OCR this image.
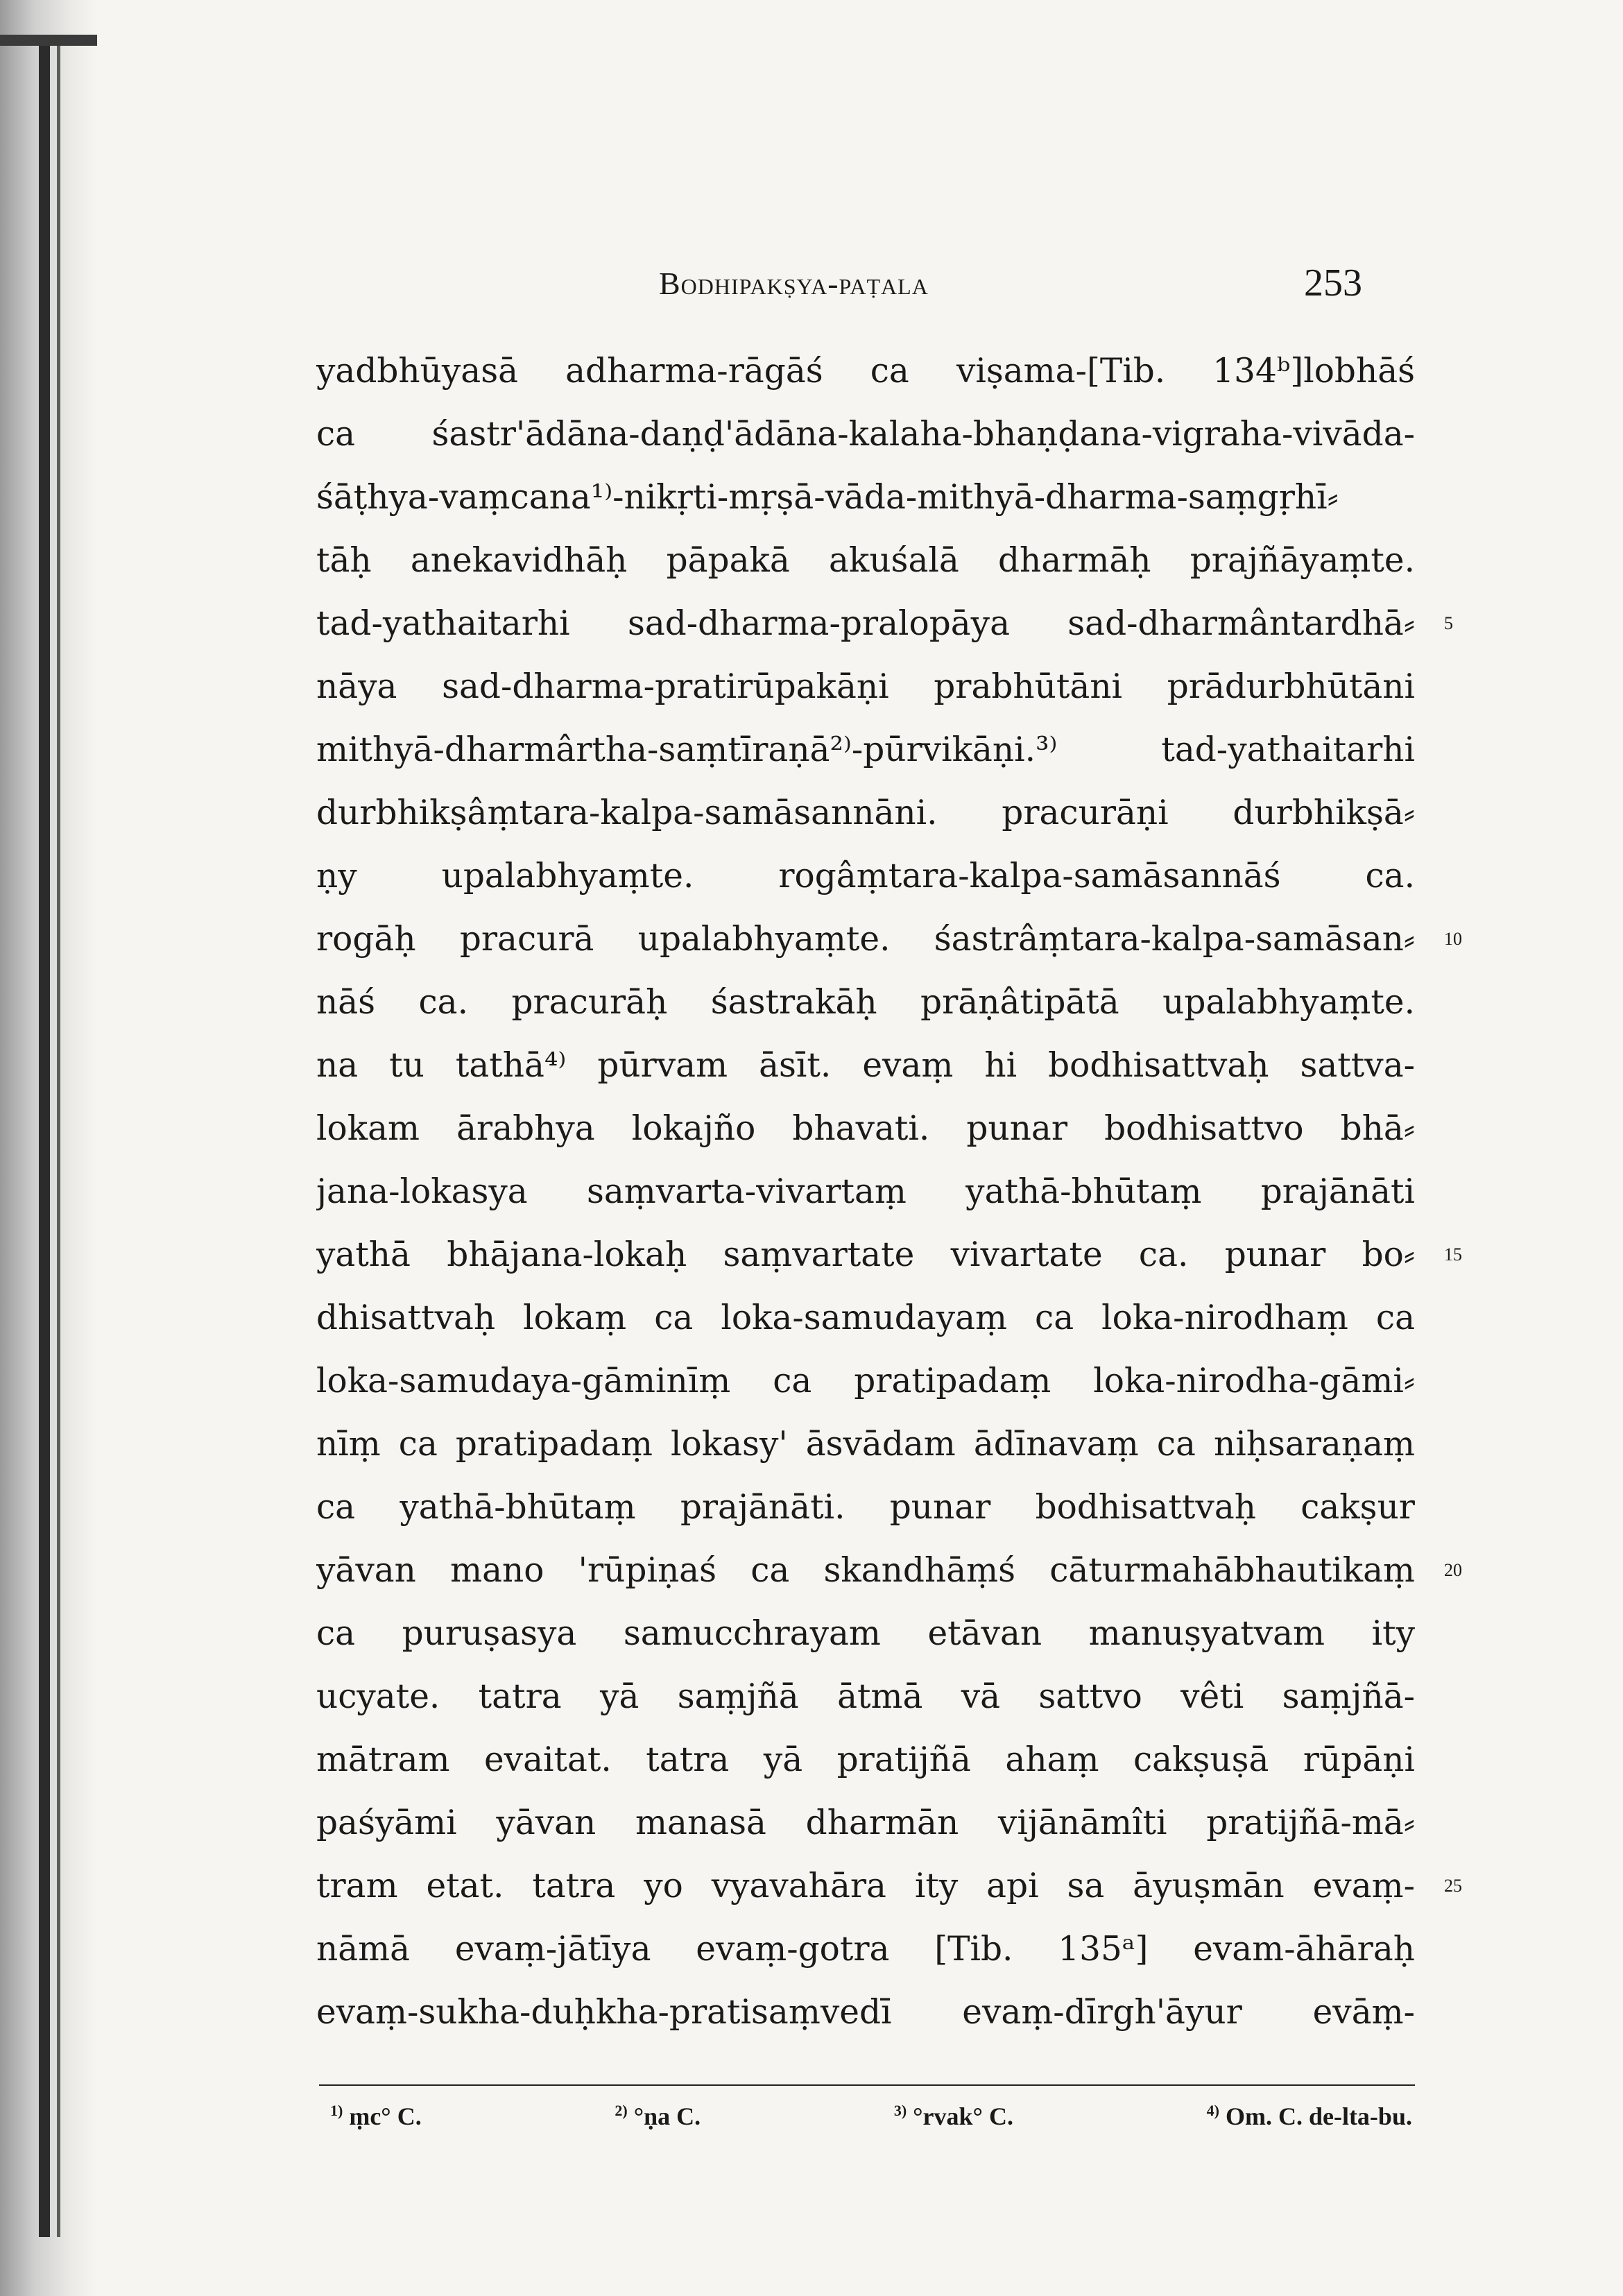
Bodhipakṣya-paṭala	253
yadbhūyasā adharma-rāgāś ca viṣama-[Tib. 134ᵇ]lobhāś
ca śastr'ādāna-daṇḍ'ādāna-kalaha-bhaṇḍana-vigraha-vivāda-
śāṭhya-vaṃcana¹⁾-nikṛti-mṛṣā-vāda-mithyā-dharma-saṃgṛhī⸗
tāḥ anekavidhāḥ pāpakā akuśalā dharmāḥ prajñāyaṃte.
tad-yathaitarhi sad-dharma-pralopāya sad-dharmântardhā⸗
nāya sad-dharma-pratirūpakāṇi prabhūtāni prādurbhūtāni
mithyā-dharmârtha-saṃtīraṇā²⁾-pūrvikāṇi.³⁾ tad-yathaitarhi
durbhikṣâṃtara-kalpa-samāsannāni. pracurāṇi durbhikṣā⸗
ṇy upalabhyaṃte. rogâṃtara-kalpa-samāsannāś ca.
rogāḥ pracurā upalabhyaṃte. śastrâṃtara-kalpa-samāsan⸗
nāś ca. pracurāḥ śastrakāḥ prāṇâtipātā upalabhyaṃte.
na tu tathā⁴⁾ pūrvam āsīt. evaṃ hi bodhisattvaḥ sattva-
lokam ārabhya lokajño bhavati. punar bodhisattvo bhā⸗
jana-lokasya saṃvarta-vivartaṃ yathā-bhūtaṃ prajānāti
yathā bhājana-lokaḥ saṃvartate vivartate ca. punar bo⸗
dhisattvaḥ lokaṃ ca loka-samudayaṃ ca loka-nirodhaṃ ca
loka-samudaya-gāminīṃ ca pratipadaṃ loka-nirodha-gāmi⸗
nīṃ ca pratipadaṃ lokasy' āsvādam ādīnavaṃ ca niḥsaraṇaṃ
ca yathā-bhūtaṃ prajānāti. punar bodhisattvaḥ cakṣur
yāvan mano 'rūpiṇaś ca skandhāṃś cāturmahābhautikaṃ
ca puruṣasya samucchrayam etāvan manuṣyatvam ity
ucyate. tatra yā saṃjñā ātmā vā sattvo vêti saṃjñā-
mātram evaitat. tatra yā pratijñā ahaṃ cakṣuṣā rūpāṇi
paśyāmi yāvan manasā dharmān vijānāmîti pratijñā-mā⸗
tram etat. tatra yo vyavahāra ity api sa āyuṣmān evaṃ-
nāmā evaṃ-jātīya evaṃ-gotra [Tib. 135ᵃ] evam-āhāraḥ
evaṃ-sukha-duḥkha-pratisaṃvedī evaṃ-dīrgh'āyur evāṃ-
5
10
15
20
25
$^{1)}$ ṃc° C.	$^{2)}$ °ṇa C.	$^{3)}$ °rvak° C.	$^{4)}$ Om. C. de-lta-bu.
